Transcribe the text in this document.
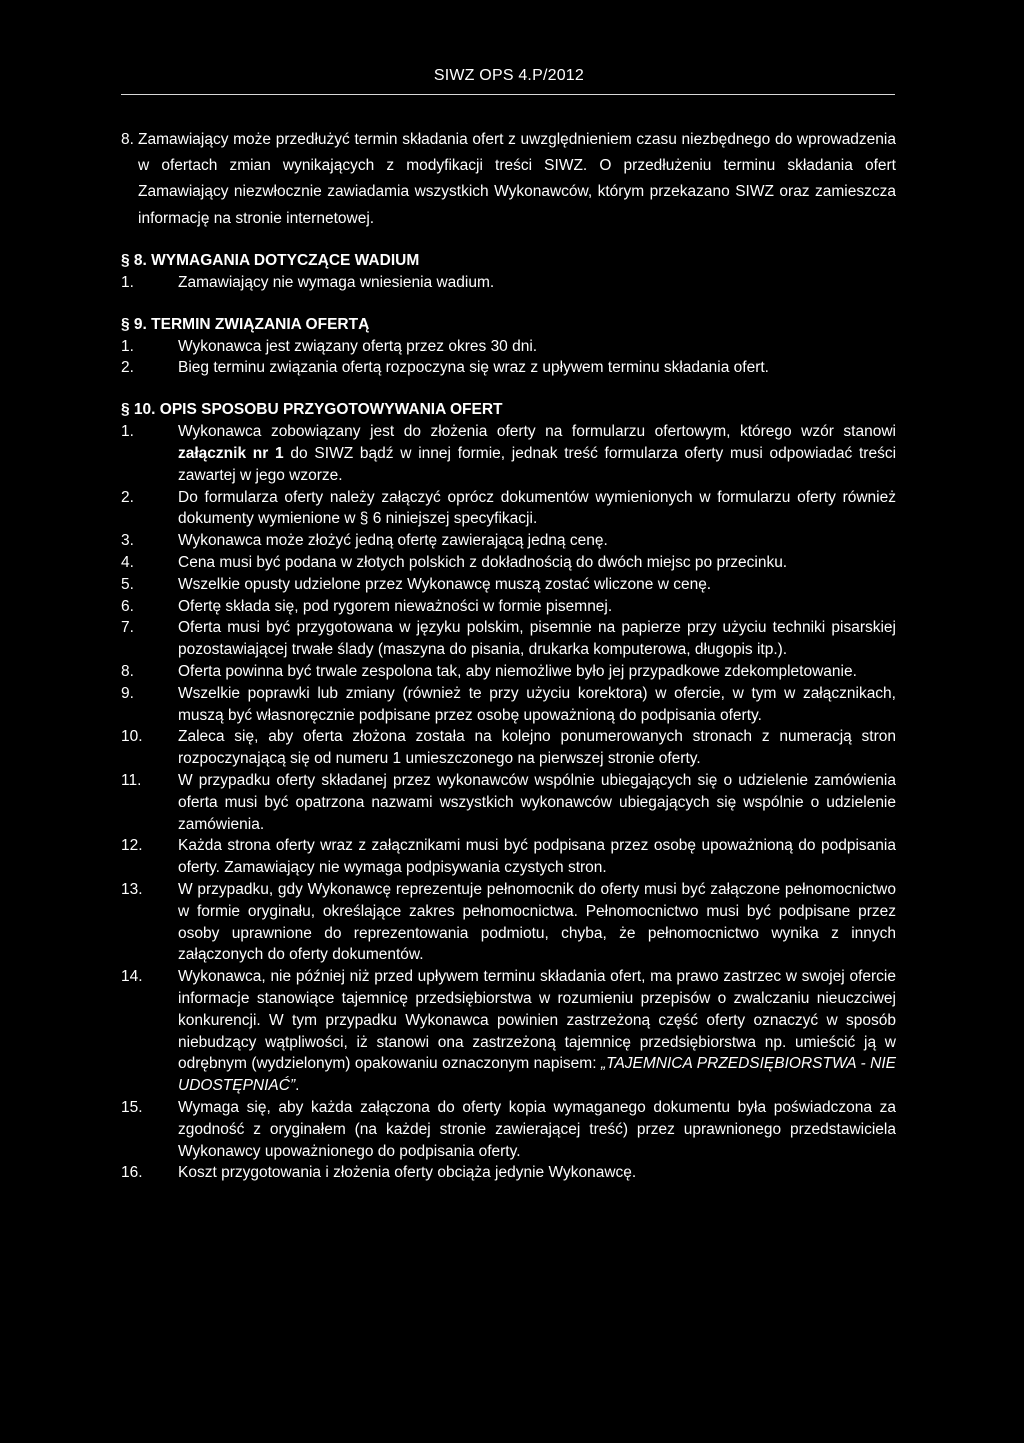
SIWZ OPS 4.P/2012
8. Zamawiający może przedłużyć termin składania ofert z uwzględnieniem czasu niezbędnego do wprowadzenia w ofertach zmian wynikających z modyfikacji treści SIWZ. O przedłużeniu terminu składania ofert Zamawiający niezwłocznie zawiadamia wszystkich Wykonawców, którym przekazano SIWZ oraz zamieszcza informację na stronie internetowej.

§ 8. WYMAGANIA DOTYCZĄCE WADIUM

1.	Zamawiający nie wymaga wniesienia wadium.

§ 9. TERMIN ZWIĄZANIA OFERTĄ

1.	Wykonawca jest związany ofertą przez okres 30 dni.
2.	Bieg terminu związania ofertą rozpoczyna się wraz z upływem terminu składania ofert.

§ 10. OPIS SPOSOBU PRZYGOTOWYWANIA OFERT

1.	Wykonawca zobowiązany jest do złożenia oferty na formularzu ofertowym, którego wzór stanowi załącznik nr 1 do SIWZ bądź w innej formie, jednak treść formularza oferty musi odpowiadać treści zawartej w jego wzorze.
2.	Do formularza oferty należy załączyć oprócz dokumentów wymienionych w formularzu oferty również dokumenty wymienione w § 6 niniejszej specyfikacji.
3.	Wykonawca może złożyć jedną ofertę zawierającą jedną cenę.
4.	Cena musi być podana w złotych polskich z dokładnością do dwóch miejsc po przecinku.
5.	Wszelkie opusty udzielone przez Wykonawcę muszą zostać wliczone w cenę.
6.	Ofertę składa się, pod rygorem nieważności w formie pisemnej.
7.	Oferta musi być przygotowana w języku polskim, pisemnie na papierze przy użyciu techniki pisarskiej pozostawiającej trwałe ślady (maszyna do pisania, drukarka komputerowa, długopis itp.).
8.	Oferta powinna być trwale zespolona tak, aby niemożliwe było jej przypadkowe zdekompletowanie.
9.	Wszelkie poprawki lub zmiany (również te przy użyciu korektora) w ofercie, w tym w załącznikach, muszą być własnoręcznie podpisane przez osobę upoważnioną do podpisania oferty.
10. Zaleca się, aby oferta złożona została na kolejno ponumerowanych stronach z numeracją stron rozpoczynającą się od numeru 1 umieszczonego na pierwszej stronie oferty.
11. W przypadku oferty składanej przez wykonawców wspólnie ubiegających się o udzielenie zamówienia oferta musi być opatrzona nazwami wszystkich wykonawców ubiegających się wspólnie o udzielenie zamówienia.
12. Każda strona oferty wraz z załącznikami musi być podpisana przez osobę upoważnioną do podpisania oferty. Zamawiający nie wymaga podpisywania czystych stron.
13. W przypadku, gdy Wykonawcę reprezentuje pełnomocnik do oferty musi być załączone pełnomocnictwo w formie oryginału, określające zakres pełnomocnictwa. Pełnomocnictwo musi być podpisane przez osoby uprawnione do reprezentowania podmiotu, chyba, że pełnomocnictwo wynika z innych załączonych do oferty dokumentów.
14. Wykonawca, nie później niż przed upływem terminu składania ofert, ma prawo zastrzec w swojej ofercie informacje stanowiące tajemnicę przedsiębiorstwa w rozumieniu przepisów o zwalczaniu nieuczciwej konkurencji. W tym przypadku Wykonawca powinien zastrzeżoną część oferty oznaczyć w sposób niebudzący wątpliwości, iż stanowi ona zastrzeżoną tajemnicę przedsiębiorstwa np. umieścić ją w odrębnym (wydzielonym) opakowaniu oznaczonym napisem: „TAJEMNICA PRZEDSIĘBIORSTWA - NIE UDOSTĘPNIAĆ”.
15. Wymaga się, aby każda załączona do oferty kopia wymaganego dokumentu była poświadczona za zgodność z oryginałem (na każdej stronie zawierającej treść) przez uprawnionego przedstawiciela Wykonawcy upoważnionego do podpisania oferty.
16. Koszt przygotowania i złożenia oferty obciąża jedynie Wykonawcę.
